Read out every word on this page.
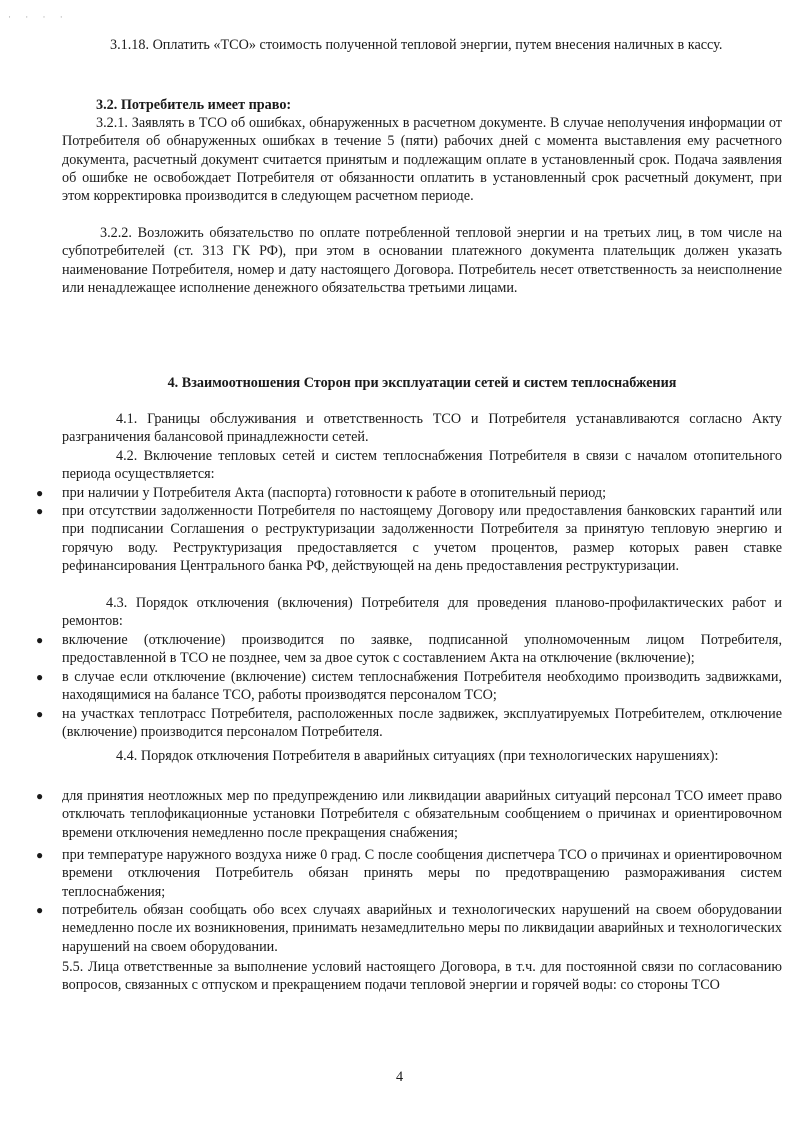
· · · ·

3.1.18. Оплатить «ТСО» стоимость полученной тепловой энергии, путем внесения наличных в кассу.

3.2. Потребитель имеет право:

3.2.1. Заявлять в ТСО об ошибках, обнаруженных в расчетном документе. В случае неполучения информации от Потребителя об обнаруженных ошибках в течение 5 (пяти) рабочих дней с момента выставления ему расчетного документа, расчетный документ считается принятым и подлежащим оплате в установленный срок. Подача заявления об ошибке не освобождает Потребителя от обязанности оплатить в установленный срок расчетный документ, при этом корректировка производится в следующем расчетном периоде.

3.2.2. Возложить обязательство по оплате потребленной тепловой энергии и на третьих лиц, в том числе на субпотребителей (ст. 313 ГК РФ), при этом в основании платежного документа плательщик должен указать наименование Потребителя, номер и дату настоящего Договора. Потребитель несет ответственность за неисполнение или ненадлежащее исполнение денежного обязательства третьими лицами.

4. Взаимоотношения Сторон при эксплуатации сетей и систем теплоснабжения

4.1. Границы обслуживания и ответственность ТСО и Потребителя устанавливаются согласно Акту разграничения балансовой принадлежности сетей.

4.2. Включение тепловых сетей и систем теплоснабжения Потребителя в связи с началом отопительного периода осуществляется:

●	при наличии у Потребителя Акта (паспорта) готовности к работе в отопительный период;
●	при отсутствии задолженности Потребителя по настоящему Договору или предоставления банковских гарантий или при подписании Соглашения о реструктуризации задолженности Потребителя за принятую тепловую энергию и горячую воду. Реструктуризация предоставляется с учетом процентов, размер которых равен ставке рефинансирования Центрального банка РФ, действующей на день предоставления реструктуризации.

4.3. Порядок отключения (включения) Потребителя для проведения планово-профилактических работ и ремонтов:

●	включение (отключение) производится по заявке, подписанной уполномоченным лицом Потребителя, предоставленной в ТСО не позднее, чем за двое суток с составлением Акта на отключение (включение);
●	в случае если отключение (включение) систем теплоснабжения Потребителя необходимо производить задвижками, находящимися на балансе ТСО, работы производятся персоналом ТСО;
●	на участках теплотрасс Потребителя, расположенных после задвижек, эксплуатируемых Потребителем, отключение (включение) производится персоналом Потребителя.

4.4. Порядок отключения Потребителя в аварийных ситуациях (при технологических нарушениях):

●	для принятия неотложных мер по предупреждению или ликвидации аварийных ситуаций персонал ТСО имеет право отключать теплофикационные установки Потребителя с обязательным сообщением о причинах и ориентировочном времени отключения немедленно после прекращения снабжения;
●	при температуре наружного воздуха ниже 0 град. С после сообщения диспетчера ТСО о причинах и ориентировочном времени отключения Потребитель обязан принять меры по предотвращению размораживания систем теплоснабжения;
●	потребитель обязан сообщать обо всех случаях аварийных и технологических нарушений на своем оборудовании немедленно после их возникновения, принимать незамедлительно меры по ликвидации аварийных и технологических нарушений на своем оборудовании.

5.5. Лица ответственные за выполнение условий настоящего Договора, в т.ч. для постоянной связи по согласованию вопросов, связанных с отпуском и прекращением подачи тепловой энергии и горячей воды: со стороны ТСО

4
